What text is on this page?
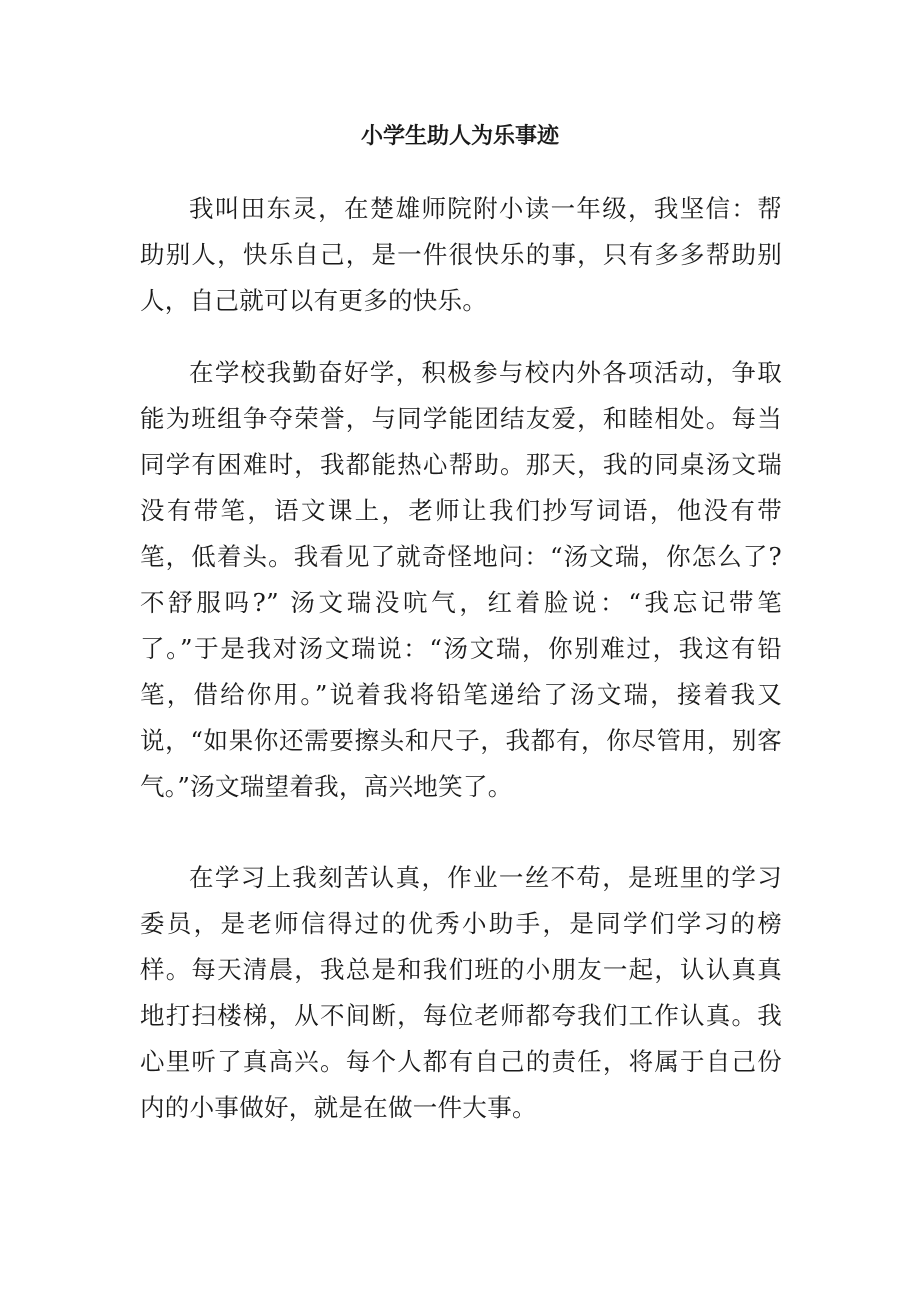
小学生助人为乐事迹

我叫田东灵，在楚雄师院附小读一年级，我坚信：帮助别人，快乐自己，是一件很快乐的事，只有多多帮助别人，自己就可以有更多的快乐。

在学校我勤奋好学，积极参与校内外各项活动，争取能为班组争夺荣誉，与同学能团结友爱，和睦相处。每当同学有困难时，我都能热心帮助。那天，我的同桌汤文瑞没有带笔，语文课上，老师让我们抄写词语，他没有带笔，低着头。我看见了就奇怪地问：“汤文瑞，你怎么了?不舒服吗?” 汤文瑞没吭气，红着脸说：“我忘记带笔了。”于是我对汤文瑞说：“汤文瑞，你别难过，我这有铅笔，借给你用。”说着我将铅笔递给了汤文瑞，接着我又说，“如果你还需要擦头和尺子，我都有，你尽管用，别客气。”汤文瑞望着我，高兴地笑了。

在学习上我刻苦认真，作业一丝不苟，是班里的学习委员，是老师信得过的优秀小助手，是同学们学习的榜样。每天清晨，我总是和我们班的小朋友一起，认认真真地打扫楼梯，从不间断，每位老师都夸我们工作认真。我心里听了真高兴。每个人都有自己的责任，将属于自己份内的小事做好，就是在做一件大事。
